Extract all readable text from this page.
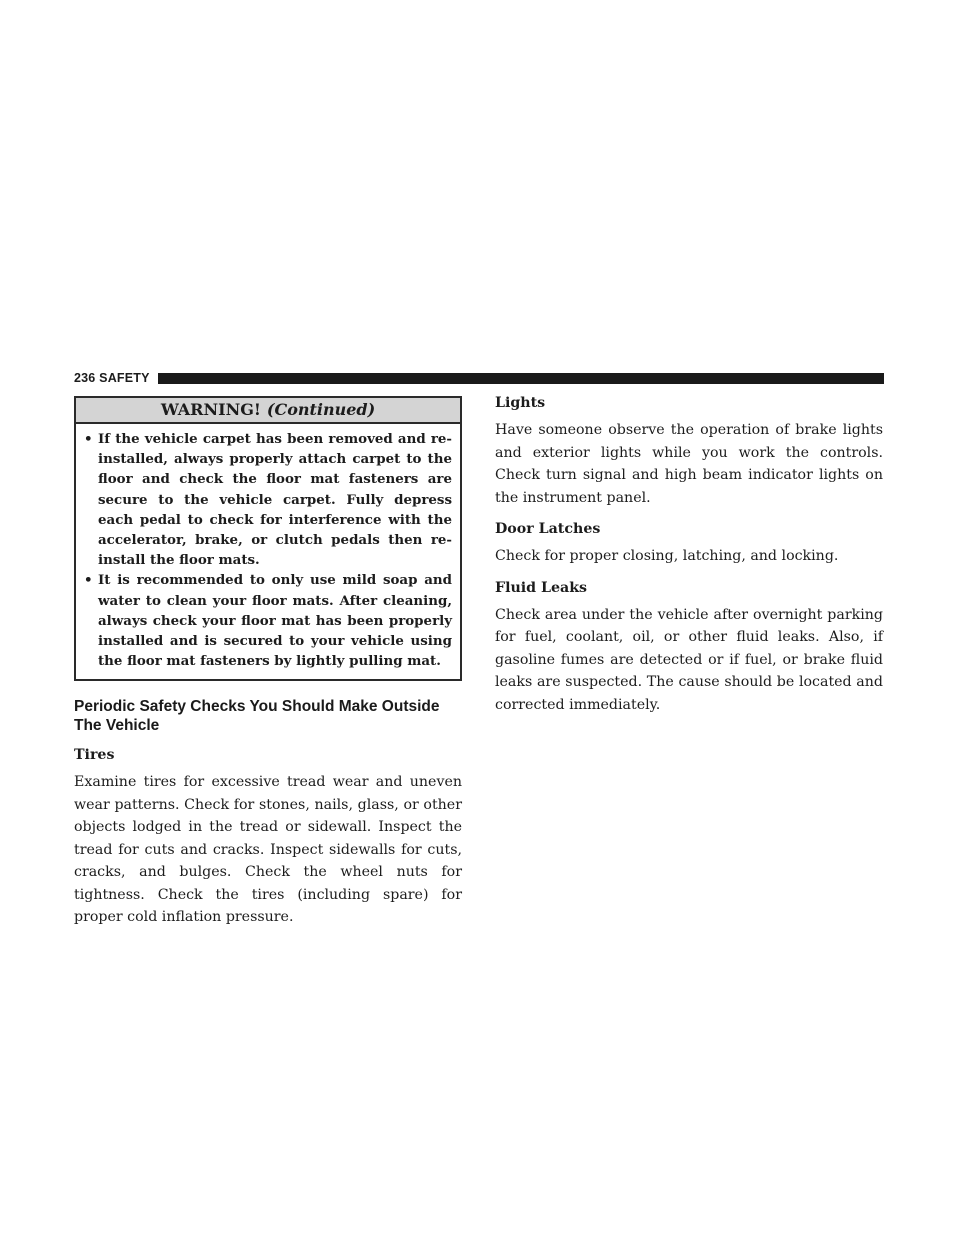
236 SAFETY
WARNING! (Continued)
• If the vehicle carpet has been removed and re-installed, always properly attach carpet to the floor and check the floor mat fasteners are secure to the vehicle carpet. Fully depress each pedal to check for interference with the accelerator, brake, or clutch pedals then re-install the floor mats.
• It is recommended to only use mild soap and water to clean your floor mats. After cleaning, always check your floor mat has been properly installed and is secured to your vehicle using the floor mat fasteners by lightly pulling mat.
Periodic Safety Checks You Should Make Outside The Vehicle
Tires

Examine tires for excessive tread wear and uneven wear patterns. Check for stones, nails, glass, or other objects lodged in the tread or sidewall. Inspect the tread for cuts and cracks. Inspect sidewalls for cuts, cracks, and bulges. Check the wheel nuts for tightness. Check the tires (including spare) for proper cold inflation pressure.

Lights

Have someone observe the operation of brake lights and exterior lights while you work the controls. Check turn signal and high beam indicator lights on the instrument panel.

Door Latches

Check for proper closing, latching, and locking.

Fluid Leaks

Check area under the vehicle after overnight parking for fuel, coolant, oil, or other fluid leaks. Also, if gasoline fumes are detected or if fuel, or brake fluid leaks are suspected. The cause should be located and corrected immediately.
